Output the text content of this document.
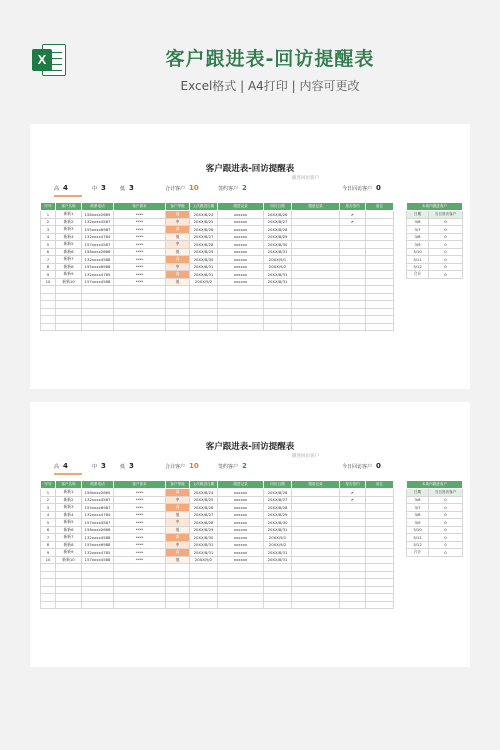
X	客户跟进表-回访提醒表
Excel格式 | A4打印 | 内容可更改
客户跟进表-回访提醒表
跟进回访客户
高 4	中 3	低 3	合计客户 10	签约客户 2	今日回访客户 0
序号	客户名称	联系电话	客户需求	客户等级	上次跟进日期	跟进记录	回访日期	跟进记录	是否签约	备注
1	新新1	158xxxx2665	****	高	20XX/8/24	xxxxxx	20XX/8/26		✔	
2	新新2	132xxxx4587	****	中	20XX/8/25	xxxxxx	20XX/8/27		✔	
3	新新3	155xxxx6987	****	高	20XX/8/26	xxxxxx	20XX/8/28			
4	新新4	132xxxx4784	****	低	20XX/8/27	xxxxxx	20XX/8/29			
5	新新5	157xxxx4587	****	中	20XX/8/28	xxxxxx	20XX/8/30			
6	新新6	158xxxx2666	****	低	20XX/8/29	xxxxxx	20XX/8/31			
7	新新7	132xxxx4588	****	高	20XX/8/30	xxxxxx	20XX/9/1			
8	新新8	155xxxx6988	****	中	20XX/8/31	xxxxxx	20XX/9/2			
9	新新9	132xxxx4785	****	高	20XX/8/31	xxxxxx	20XX/8/31			
10	新新10	157xxxx4588	****	低	20XX/9/2	xxxxxx	20XX/8/31			

本周内跟进客户	
日期	当日回访客户
3/6	0
3/7	0
3/8	0
3/9	0
3/10	0
3/11	0
3/12	0
合计	0
客户跟进表-回访提醒表
跟进回访客户
高 4	中 3	低 3	合计客户 10	签约客户 2	今日回访客户 0
序号	客户名称	联系电话	客户需求	客户等级	上次跟进日期	跟进记录	回访日期	跟进记录	是否签约	备注
1	新新1	158xxxx2665	****	高	20XX/8/24	xxxxxx	20XX/8/26		✔	
2	新新2	132xxxx4587	****	中	20XX/8/25	xxxxxx	20XX/8/27		✔	
3	新新3	155xxxx6987	****	高	20XX/8/26	xxxxxx	20XX/8/28			
4	新新4	132xxxx4784	****	低	20XX/8/27	xxxxxx	20XX/8/29			
5	新新5	157xxxx4587	****	中	20XX/8/28	xxxxxx	20XX/8/30			
6	新新6	158xxxx2666	****	低	20XX/8/29	xxxxxx	20XX/8/31			
7	新新7	132xxxx4588	****	高	20XX/8/30	xxxxxx	20XX/9/1			
8	新新8	155xxxx6988	****	中	20XX/8/31	xxxxxx	20XX/9/2			
9	新新9	132xxxx4785	****	高	20XX/8/31	xxxxxx	20XX/8/31			
10	新新10	157xxxx4588	****	低	20XX/9/2	xxxxxx	20XX/8/31			

本周内跟进客户	
日期	当日回访客户
3/6	0
3/7	0
3/8	0
3/9	0
3/10	0
3/11	0
3/12	0
合计	0
